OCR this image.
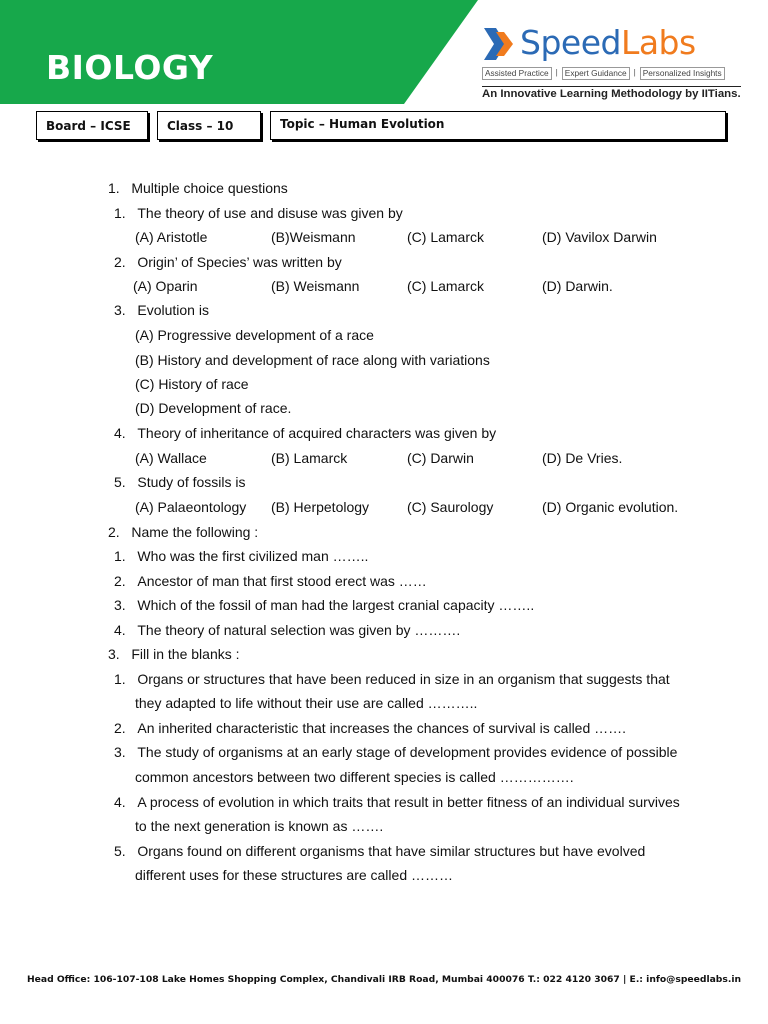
BIOLOGY
SpeedLabs
Assisted Practice | Expert Guidance | Personalized Insights
An Innovative Learning Methodology by IITians.
Board – ICSE	Class – 10	Topic – Human Evolution
1. Multiple choice questions
1. The theory of use and disuse was given by
(A) Aristotle	(B)Weismann	(C) Lamarck	(D) Vavilox Darwin
2. Origin’ of Species’ was written by
(A) Oparin	(B) Weismann	(C) Lamarck	(D) Darwin.
3. Evolution is
(A) Progressive development of a race
(B) History and development of race along with variations
(C) History of race
(D) Development of race.
4. Theory of inheritance of acquired characters was given by
(A) Wallace	(B) Lamarck	(C) Darwin	(D) De Vries.
5. Study of fossils is
(A) Palaeontology (B) Herpetology	(C) Saurology	(D) Organic evolution.
2. Name the following :
1. Who was the first civilized man ……..
2. Ancestor of man that first stood erect was ……
3. Which of the fossil of man had the largest cranial capacity ……..
4. The theory of natural selection was given by ……….
3. Fill in the blanks :
1. Organs or structures that have been reduced in size in an organism that suggests that
they adapted to life without their use are called ………..
2. An inherited characteristic that increases the chances of survival is called …….
3. The study of organisms at an early stage of development provides evidence of possible
common ancestors between two different species is called …………….
4. A process of evolution in which traits that result in better fitness of an individual survives
to the next generation is known as …….
5. Organs found on different organisms that have similar structures but have evolved
different uses for these structures are called ………
Head Office: 106-107-108 Lake Homes Shopping Complex, Chandivali IRB Road, Mumbai 400076 T.: 022 4120 3067 | E.: info@speedlabs.in
